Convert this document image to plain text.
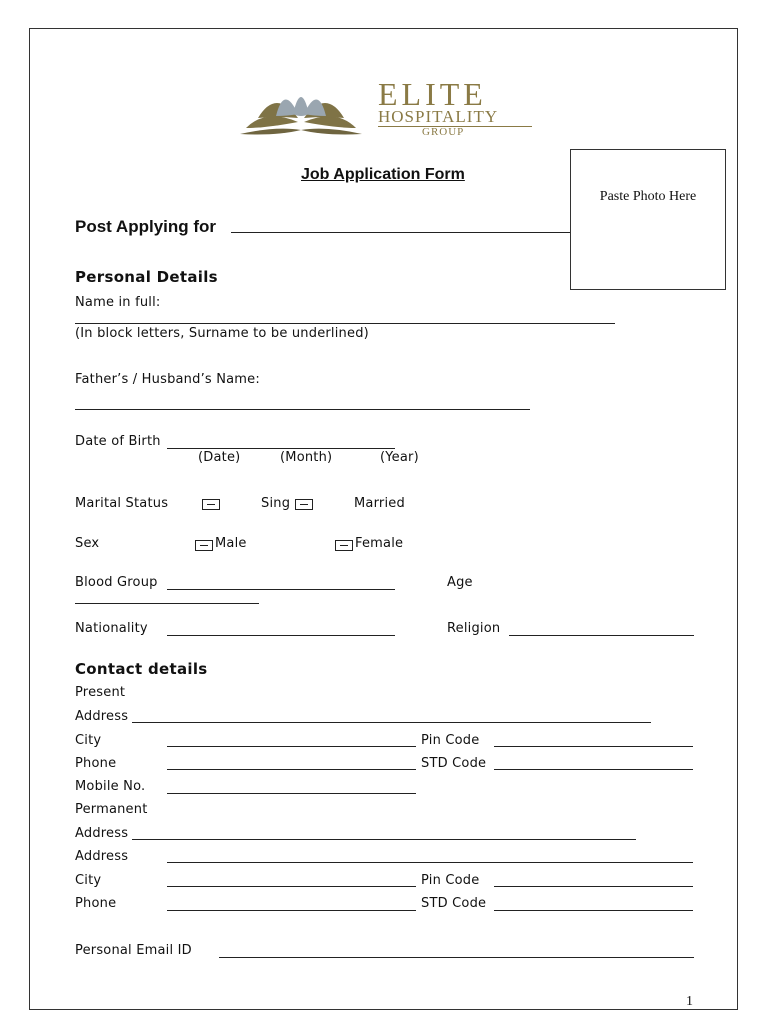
ELITE
HOSPITALITY
GROUP
Paste Photo Here
Job Application Form
Post Applying for
Personal Details
Name in full:
(In block letters, Surname to be underlined)
Father’s / Husband’s Name:
Date of Birth
(Date)	(Month)	(Year)
Marital Status	Sing	Married
Sex	Male	Female
Blood Group	Age
Nationality	Religion
Contact details
Present
Address
City	Pin Code
Phone	STD Code
Mobile No.
Permanent
Address
Address
City	Pin Code
Phone	STD Code
Personal Email ID
1
